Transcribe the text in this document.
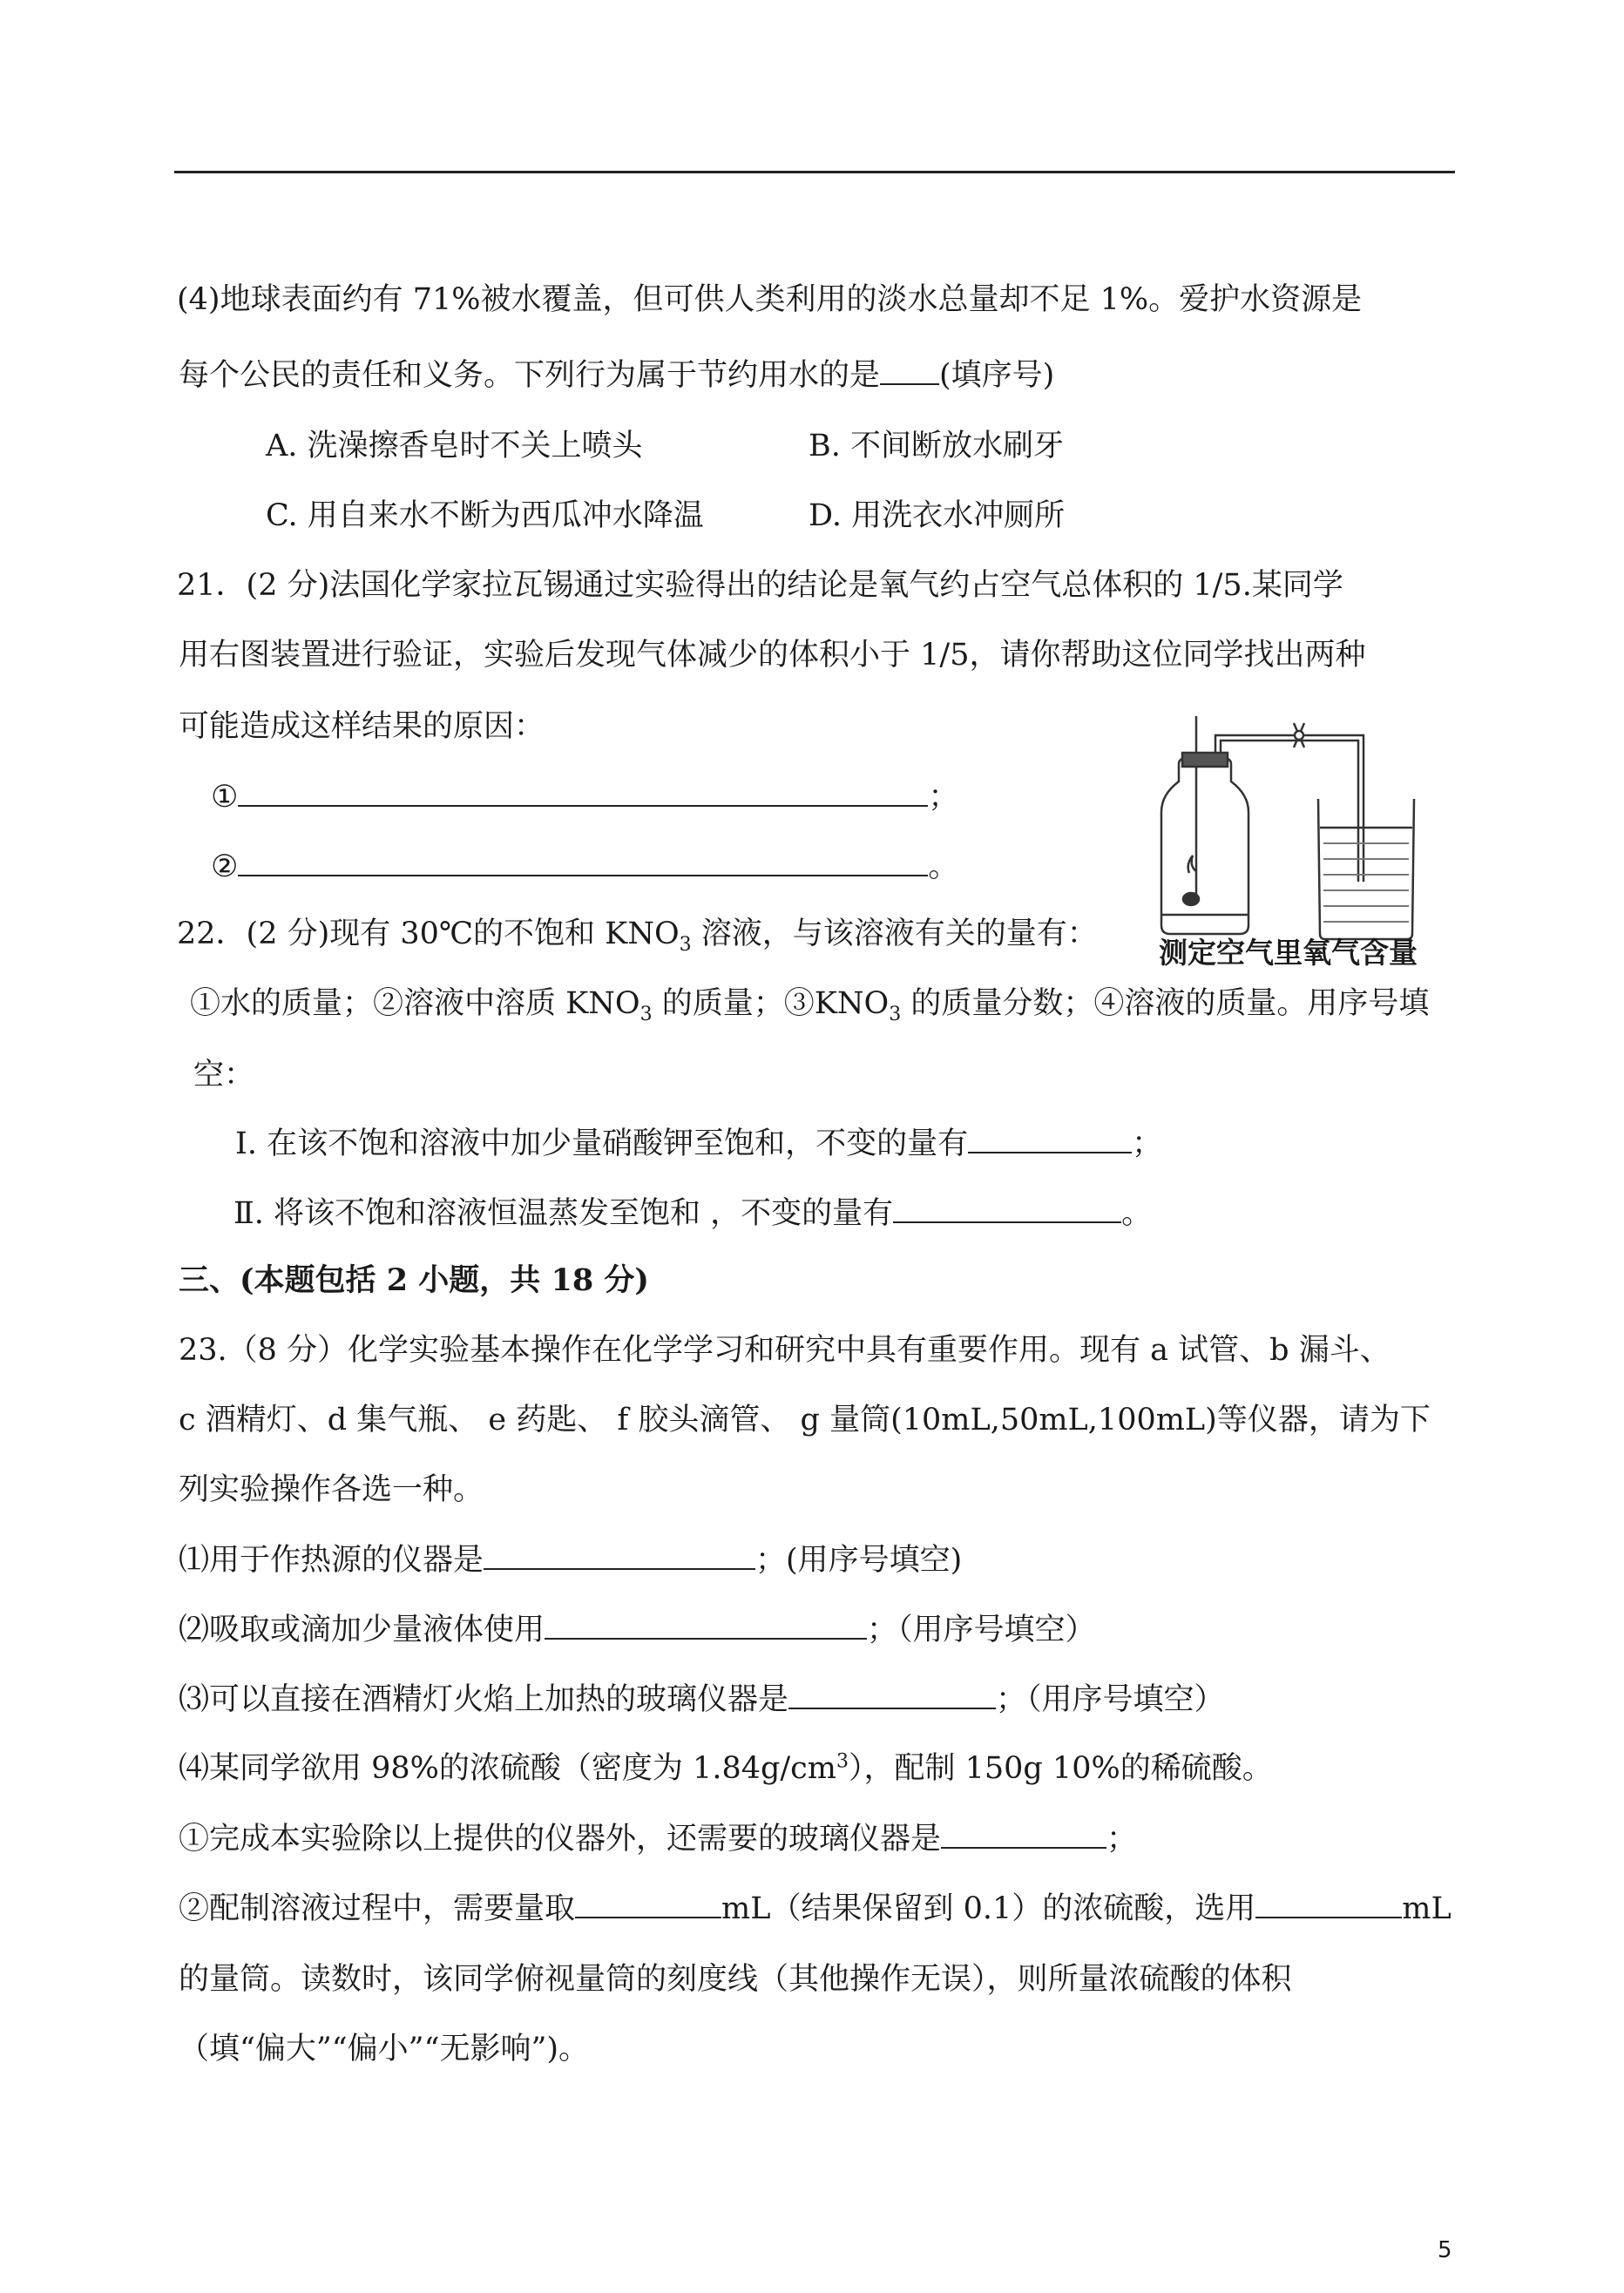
(4)地球表面约有 71%被水覆盖，但可供人类利用的淡水总量却不足 1%。爱护水资源是
每个公民的责任和义务。下列行为属于节约用水的是 (填序号)
A. 洗澡擦香皂时不关上喷头	B. 不间断放水刷牙
C. 用自来水不断为西瓜冲水降温	D. 用洗衣水冲厕所
21．(2 分)法国化学家拉瓦锡通过实验得出的结论是氧气约占空气总体积的 1/5.某同学
用右图装置进行验证，实验后发现气体减少的体积小于 1/5，请你帮助这位同学找出两种
可能造成这样结果的原因：
①	；
②	。
测定空气里氧气含量
22．(2 分)现有 30℃的不饱和 $KNO_3$ 溶液，与该溶液有关的量有：
①水的质量；②溶液中溶质 $KNO_3$ 的质量；$③KNO_3$ 的质量分数；④溶液的质量。用序号填
空：
Ⅰ. 在该不饱和溶液中加少量硝酸钾至饱和，不变的量有	；
Ⅱ. 将该不饱和溶液恒温蒸发至饱和 ，不变的量有	。
三、(本题包括 2 小题，共 18 分)
23.（8 分）化学实验基本操作在化学学习和研究中具有重要作用。现有 a 试管、b 漏斗、
c 酒精灯、d 集气瓶、 e 药匙、 f 胶头滴管、 g 量筒(10mL,50mL,100mL)等仪器，请为下
列实验操作各选一种。
⑴用于作热源的仪器是	；(用序号填空)
⑵吸取或滴加少量液体使用	；（用序号填空）
⑶可以直接在酒精灯火焰上加热的玻璃仪器是	；（用序号填空）
⑷某同学欲用 98%的浓硫酸（密度为 $1.84g/cm^3$），配制 150g 10%的稀硫酸。
①完成本实验除以上提供的仪器外，还需要的玻璃仪器是	；
②配制溶液过程中，需要量取	mL（结果保留到 0.1）的浓硫酸，选用	mL
的量筒。读数时，该同学俯视量筒的刻度线（其他操作无误），则所量浓硫酸的体积
（填“偏大”“偏小”“无影响”)。
5
